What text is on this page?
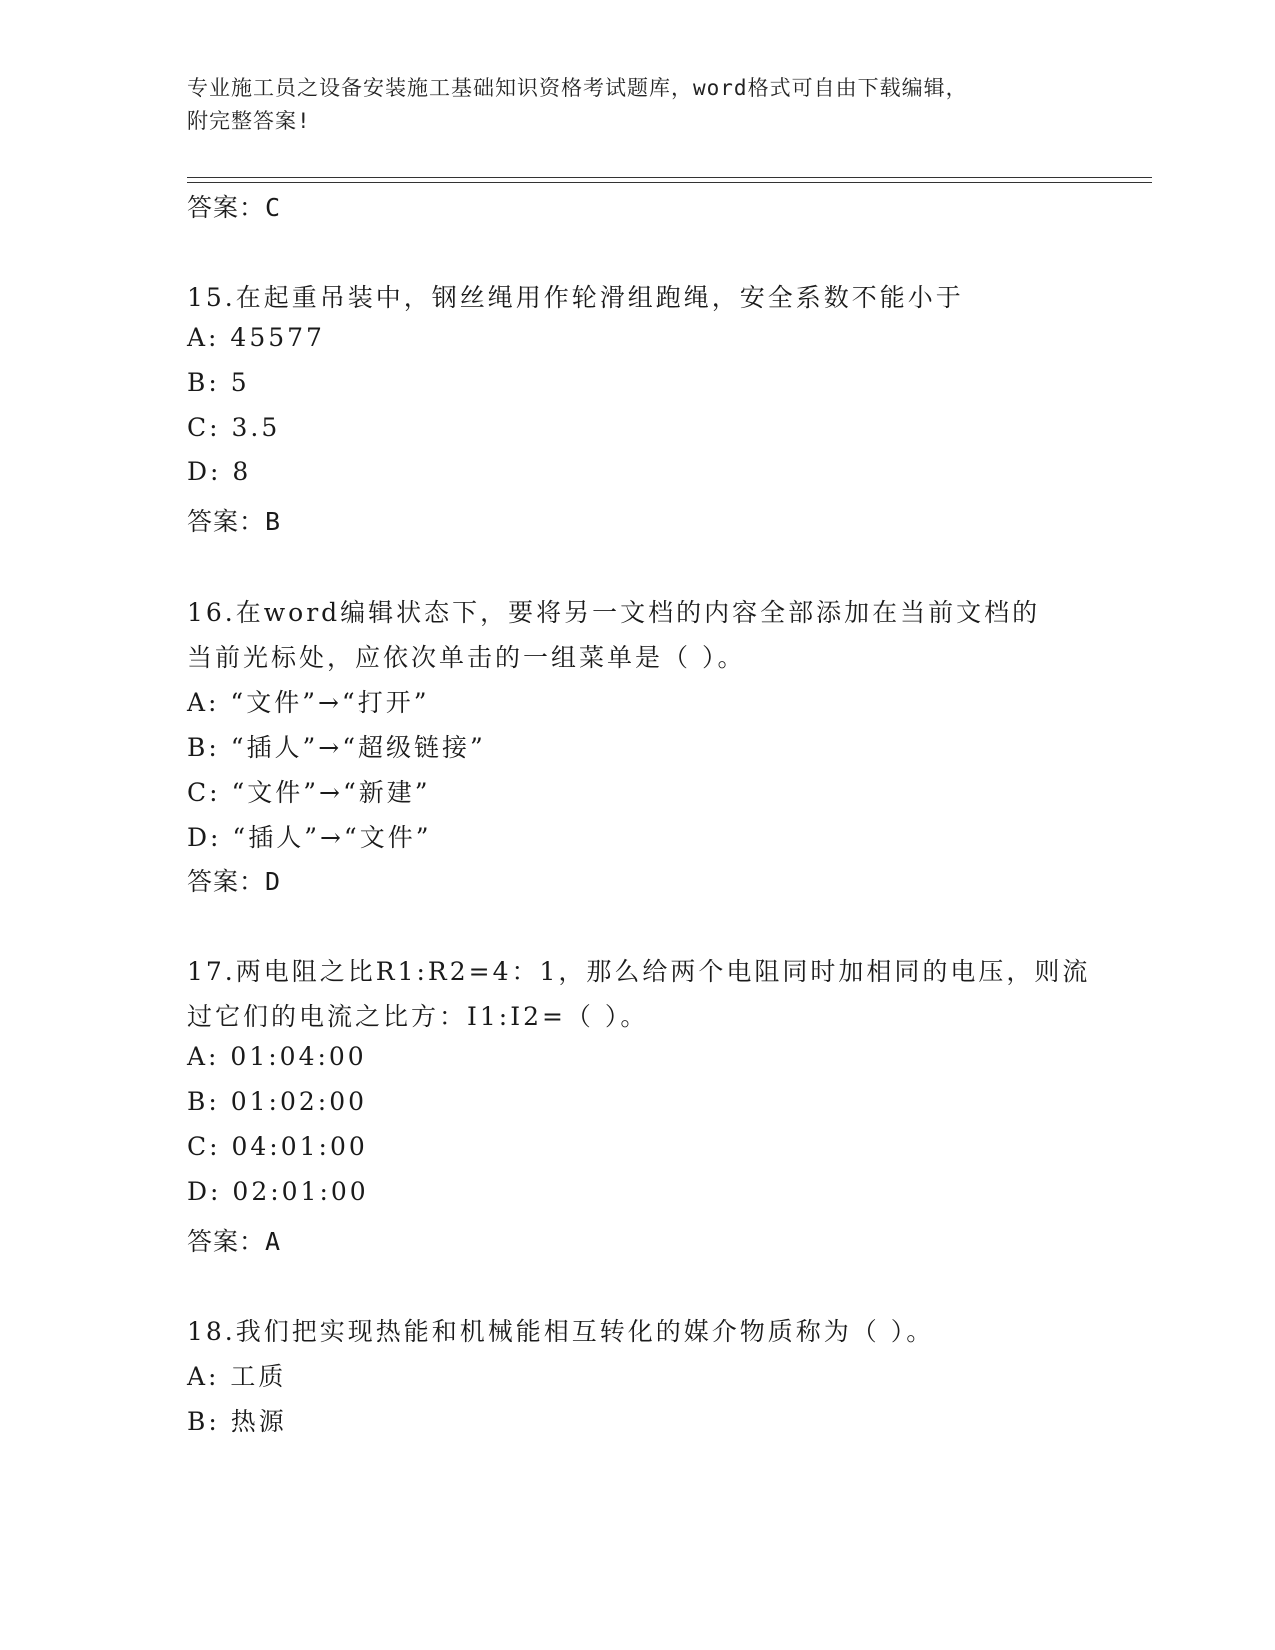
专业施工员之设备安装施工基础知识资格考试题库，word格式可自由下载编辑，
附完整答案!
答案：C
15.在起重吊装中，钢丝绳用作轮滑组跑绳，安全系数不能小于
A: 45577
B: 5
C: 3.5
D: 8
答案：B
16.在word编辑状态下，要将另一文档的内容全部添加在当前文档的
当前光标处，应依次单击的一组菜单是（ ）。
A: “文件”→“打开”
B: “插人”→“超级链接”
C: “文件”→“新建”
D: “插人”→“文件”
答案：D
17.两电阻之比R1:R2=4：1，那么给两个电阻同时加相同的电压，则流
过它们的电流之比方：I1:I2=（ ）。
A: 01:04:00
B: 01:02:00
C: 04:01:00
D: 02:01:00
答案：A
18.我们把实现热能和机械能相互转化的媒介物质称为（ ）。
A: 工质
B: 热源
